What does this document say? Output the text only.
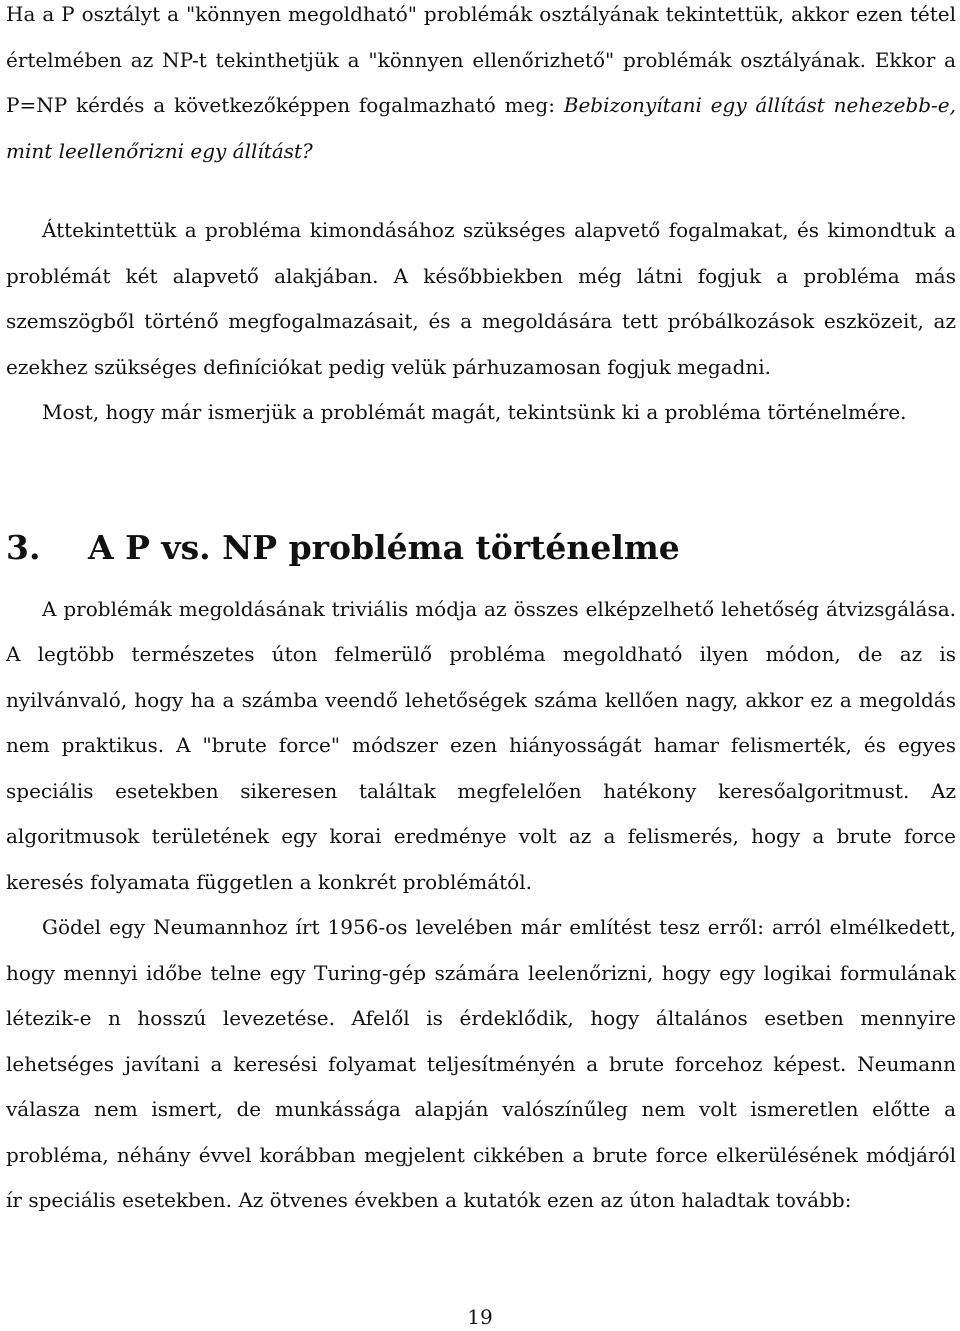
Ha a P osztályt a "könnyen megoldható" problémák osztályának tekintettük, akkor ezen tétel értelmében az NP-t tekinthetjük a "könnyen ellenőrizhető" problémák osztályának. Ekkor a P=NP kérdés a következőképpen fogalmazható meg: Bebizonyítani egy állítást nehezebb-e, mint leellenőrizni egy állítást?

Áttekintettük a probléma kimondásához szükséges alapvető fogalmakat, és kimondtuk a problémát két alapvető alakjában. A későbbiekben még látni fogjuk a probléma más szemszögből történő megfogalmazásait, és a megoldására tett próbálkozások eszközeit, az ezekhez szükséges definíciókat pedig velük párhuzamosan fogjuk megadni.

Most, hogy már ismerjük a problémát magát, tekintsünk ki a probléma történelmére.

3.	A P vs. NP probléma történelme

A problémák megoldásának triviális módja az összes elképzelhető lehetőség átvizsgálása. A legtöbb természetes úton felmerülő probléma megoldható ilyen módon, de az is nyilvánvaló, hogy ha a számba veendő lehetőségek száma kellően nagy, akkor ez a megoldás nem praktikus. A "brute force" módszer ezen hiányosságát hamar felismerték, és egyes speciális esetekben sikeresen találtak megfelelően hatékony keresőalgoritmust. Az algoritmusok területének egy korai eredménye volt az a felismerés, hogy a brute force keresés folyamata független a konkrét problémától.

Gödel egy Neumannhoz írt 1956-os levelében már említést tesz erről: arról elmélkedett, hogy mennyi időbe telne egy Turing-gép számára leelenőrizni, hogy egy logikai formulának létezik-e n hosszú levezetése. Afelől is érdeklődik, hogy általános esetben mennyire lehetséges javítani a keresési folyamat teljesítményén a brute forcehoz képest. Neumann válasza nem ismert, de munkássága alapján valószínűleg nem volt ismeretlen előtte a probléma, néhány évvel korábban megjelent cikkében a brute force elkerülésének módjáról ír speciális esetekben. Az ötvenes években a kutatók ezen az úton haladtak tovább:

19
